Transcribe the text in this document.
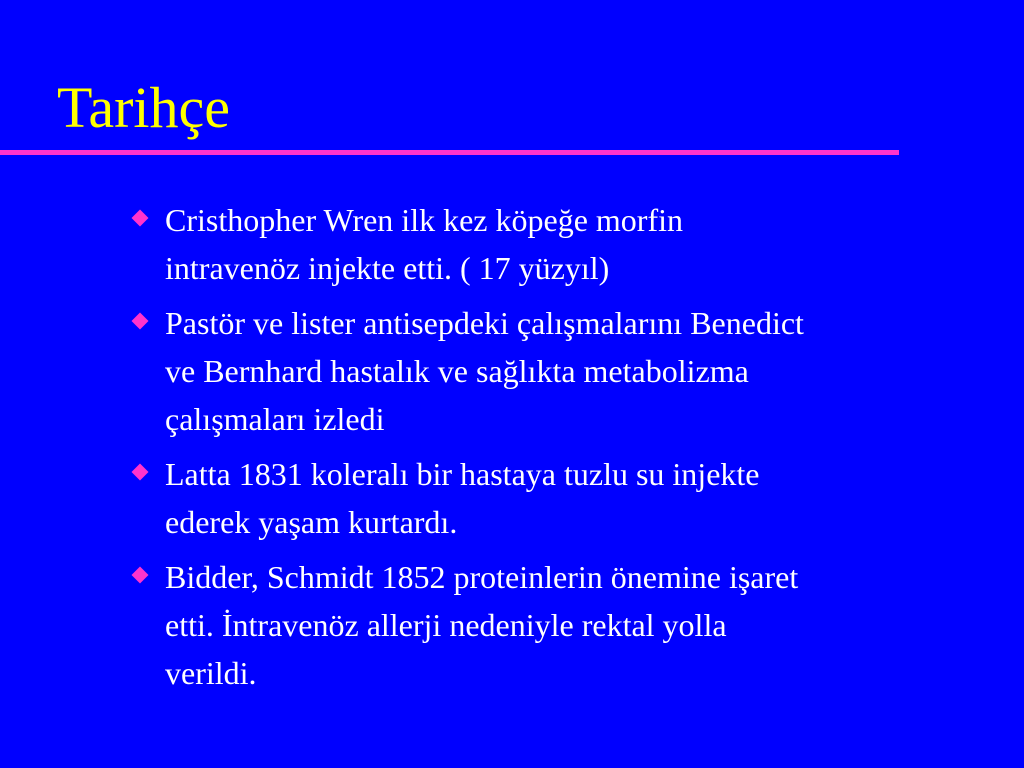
Tarihçe
Cristhopher Wren ilk kez köpeğe morfin
intravenöz injekte etti. ( 17 yüzyıl)
Pastör ve lister antisepdeki çalışmalarını Benedict
ve Bernhard hastalık ve sağlıkta metabolizma
çalışmaları izledi
Latta 1831 koleralı bir hastaya tuzlu su injekte
ederek yaşam kurtardı.
Bidder, Schmidt 1852 proteinlerin önemine işaret
etti. İntravenöz allerji nedeniyle rektal yolla
verildi.
